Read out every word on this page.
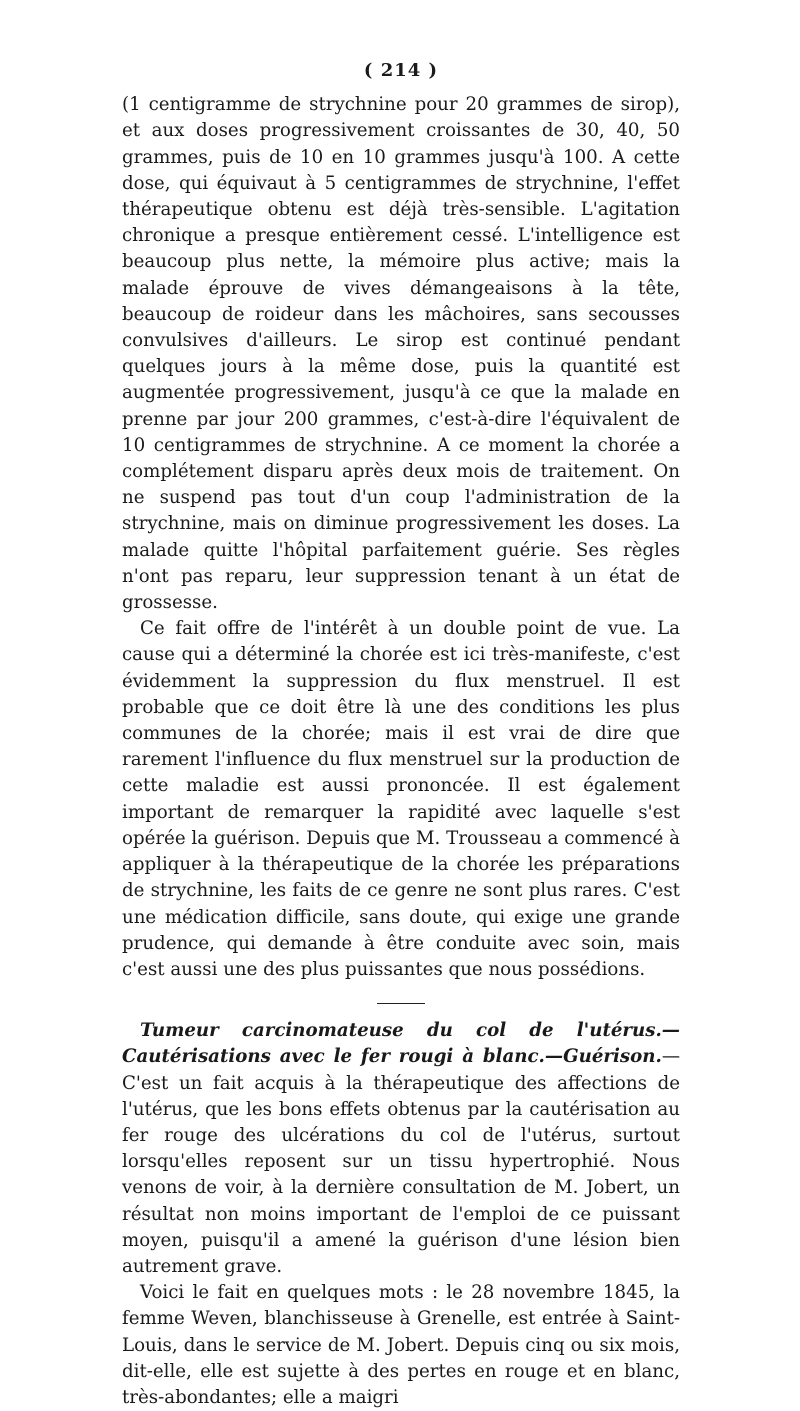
( 214 )

(1 centigramme de strychnine pour 20 grammes de sirop), et aux doses progressivement croissantes de 30, 40, 50 grammes, puis de 10 en 10 grammes jusqu'à 100. A cette dose, qui équivaut à 5 centigrammes de strychnine, l'effet thérapeutique obtenu est déjà très-sensible. L'agitation chronique a presque entièrement cessé. L'intelligence est beaucoup plus nette, la mémoire plus active; mais la malade éprouve de vives démangeaisons à la tête, beaucoup de roideur dans les mâchoires, sans secousses convulsives d'ailleurs. Le sirop est continué pendant quelques jours à la même dose, puis la quantité est augmentée progressivement, jusqu'à ce que la malade en prenne par jour 200 grammes, c'est-à-dire l'équivalent de 10 centigrammes de strychnine. A ce moment la chorée a complétement disparu après deux mois de traitement. On ne suspend pas tout d'un coup l'administration de la strychnine, mais on diminue progressivement les doses. La malade quitte l'hôpital parfaitement guérie. Ses règles n'ont pas reparu, leur suppression tenant à un état de grossesse.

Ce fait offre de l'intérêt à un double point de vue. La cause qui a déterminé la chorée est ici très-manifeste, c'est évidemment la suppression du flux menstruel. Il est probable que ce doit être là une des conditions les plus communes de la chorée; mais il est vrai de dire que rarement l'influence du flux menstruel sur la production de cette maladie est aussi prononcée. Il est également important de remarquer la rapidité avec laquelle s'est opérée la guérison. Depuis que M. Trousseau a commencé à appliquer à la thérapeutique de la chorée les préparations de strychnine, les faits de ce genre ne sont plus rares. C'est une médication difficile, sans doute, qui exige une grande prudence, qui demande à être conduite avec soin, mais c'est aussi une des plus puissantes que nous possédions.

Tumeur carcinomateuse du col de l'utérus.—Cautérisations avec le fer rougi à blanc.—Guérison.—C'est un fait acquis à la thérapeutique des affections de l'utérus, que les bons effets obtenus par la cautérisation au fer rouge des ulcérations du col de l'utérus, surtout lorsqu'elles reposent sur un tissu hypertrophié. Nous venons de voir, à la dernière consultation de M. Jobert, un résultat non moins important de l'emploi de ce puissant moyen, puisqu'il a amené la guérison d'une lésion bien autrement grave.

Voici le fait en quelques mots : le 28 novembre 1845, la femme Weven, blanchisseuse à Grenelle, est entrée à Saint-Louis, dans le service de M. Jobert. Depuis cinq ou six mois, dit-elle, elle est sujette à des pertes en rouge et en blanc, très-abondantes; elle a maigri
